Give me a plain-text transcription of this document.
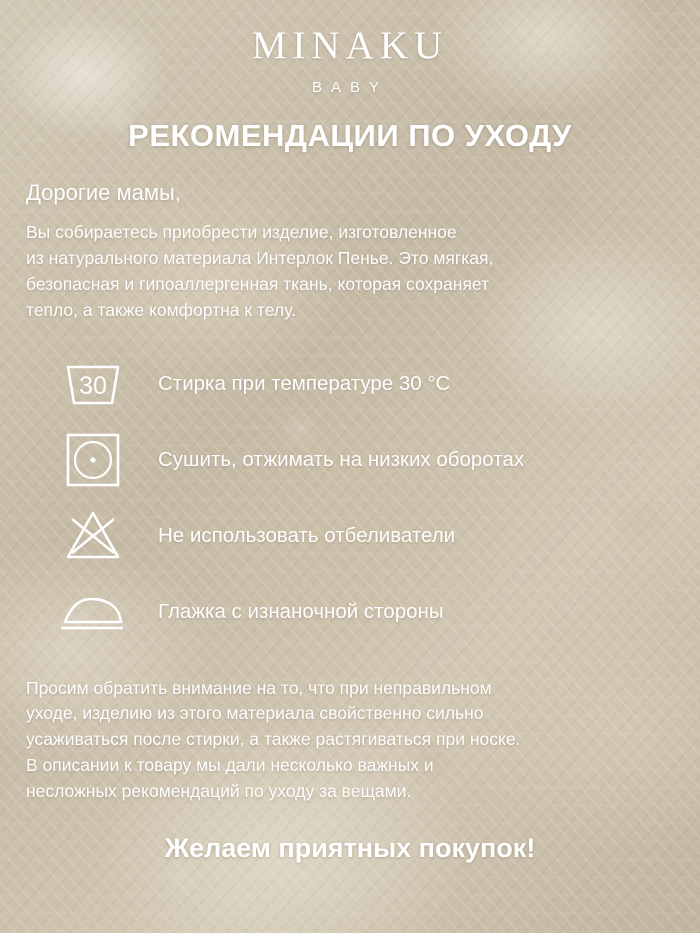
MINAKU
BABY
РЕКОМЕНДАЦИИ ПО УХОДУ
Дорогие мамы,

Вы собираетесь приобрести изделие, изготовленное

из натурального материала Интерлок Пенье. Это мягкая,

безопасная и гипоаллергенная ткань, которая сохраняет

тепло, а также комфортна к телу.

30 Стирка при температуре 30 °C
Сушить, отжимать на низких оборотах
Не использовать отбеливатели
Глажка с изнаночной стороны

Просим обратить внимание на то, что при неправильном

уходе, изделию из этого материала свойственно сильно

усаживаться после стирки, а также растягиваться при носке.

В описании к товару мы дали несколько важных и

несложных рекомендаций по уходу за вещами.

Желаем приятных покупок!
